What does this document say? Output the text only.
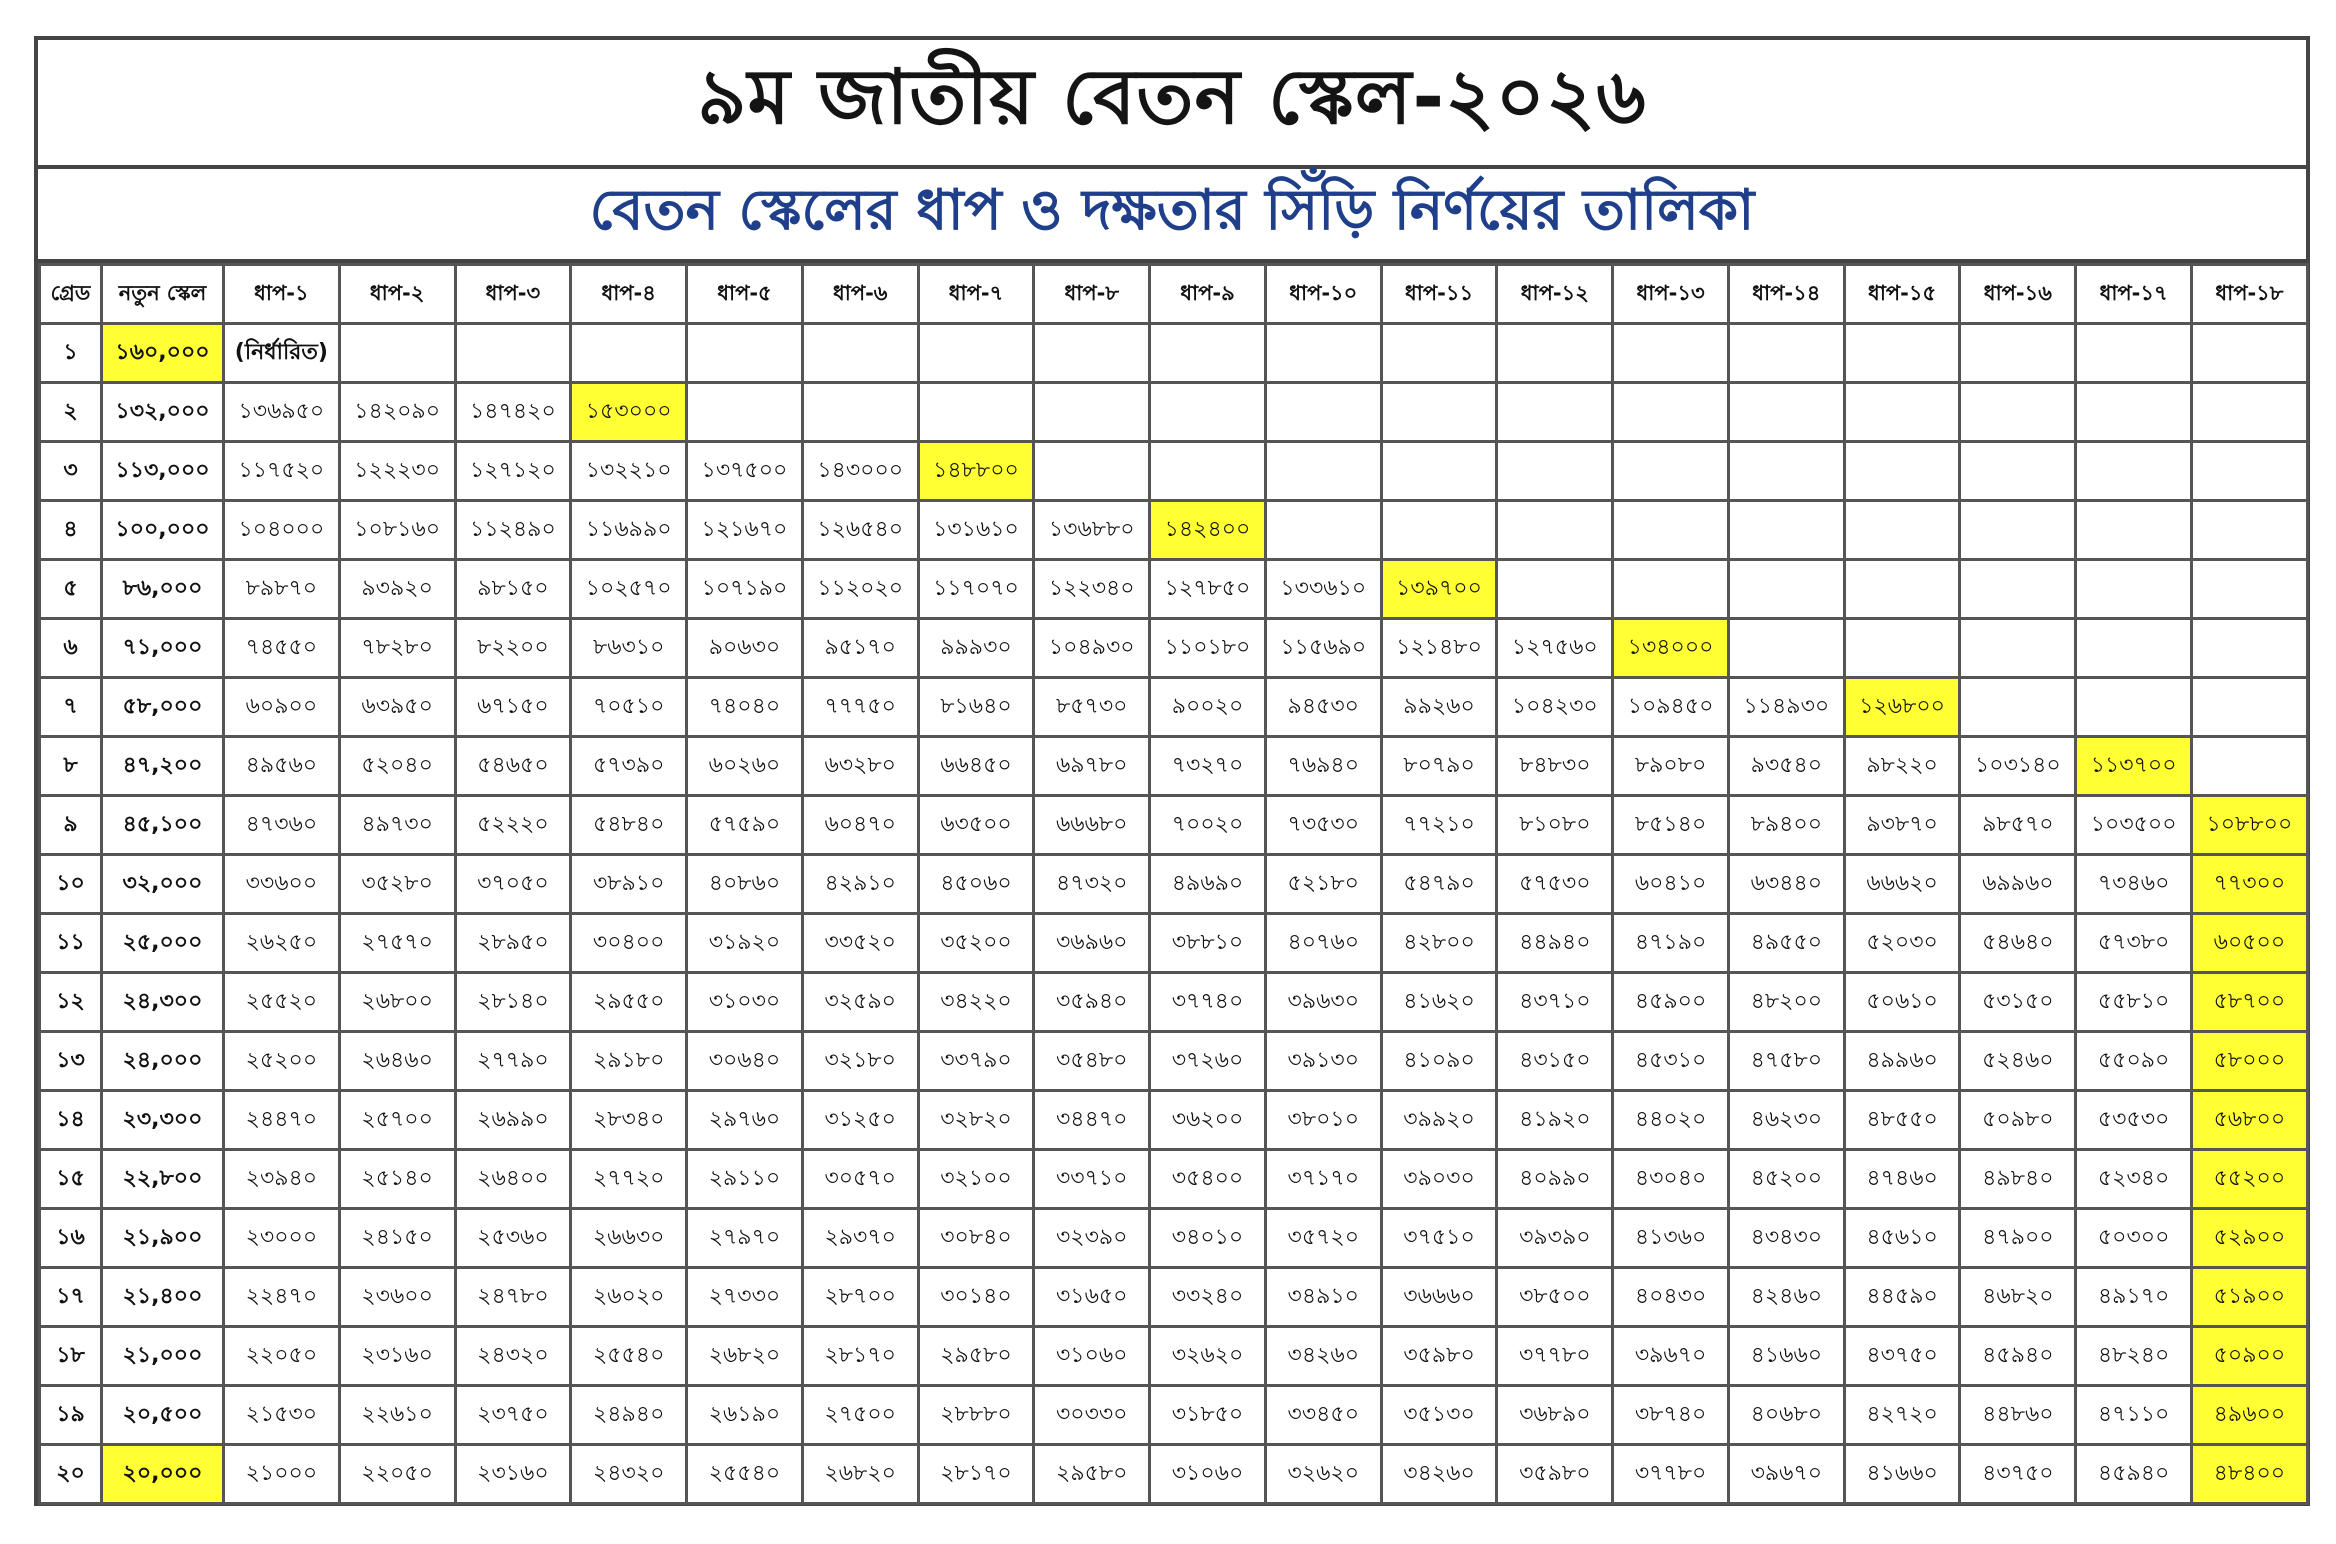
৯ম জাতীয় বেতন স্কেল-২০২৬
বেতন স্কেলের ধাপ ও দক্ষতার সিঁড়ি নির্ণয়ের তালিকা
গ্রেড	নতুন স্কেল	ধাপ-১	ধাপ-২	ধাপ-৩	ধাপ-৪	ধাপ-৫	ধাপ-৬	ধাপ-৭	ধাপ-৮	ধাপ-৯	ধাপ-১০	ধাপ-১১	ধাপ-১২	ধাপ-১৩	ধাপ-১৪	ধাপ-১৫	ধাপ-১৬	ধাপ-১৭	ধাপ-১৮
১	১৬০,০০০	(নির্ধারিত)																	
২	১৩২,০০০	১৩৬৯৫০	১৪২০৯০	১৪৭৪২০	১৫৩০০০														
৩	১১৩,০০০	১১৭৫২০	১২২২৩০	১২৭১২০	১৩২২১০	১৩৭৫০০	১৪৩০০০	১৪৮৮০০											
৪	১০০,০০০	১০৪০০০	১০৮১৬০	১১২৪৯০	১১৬৯৯০	১২১৬৭০	১২৬৫৪০	১৩১৬১০	১৩৬৮৮০	১৪২৪০০									
৫	৮৬,০০০	৮৯৮৭০	৯৩৯২০	৯৮১৫০	১০২৫৭০	১০৭১৯০	১১২০২০	১১৭০৭০	১২২৩৪০	১২৭৮৫০	১৩৩৬১০	১৩৯৭০০							
৬	৭১,০০০	৭৪৫৫০	৭৮২৮০	৮২২০০	৮৬৩১০	৯০৬৩০	৯৫১৭০	৯৯৯৩০	১০৪৯৩০	১১০১৮০	১১৫৬৯০	১২১৪৮০	১২৭৫৬০	১৩৪০০০					
৭	৫৮,০০০	৬০৯০০	৬৩৯৫০	৬৭১৫০	৭০৫১০	৭৪০৪০	৭৭৭৫০	৮১৬৪০	৮৫৭৩০	৯০০২০	৯৪৫৩০	৯৯২৬০	১০৪২৩০	১০৯৪৫০	১১৪৯৩০	১২৬৮০০			
৮	৪৭,২০০	৪৯৫৬০	৫২০৪০	৫৪৬৫০	৫৭৩৯০	৬০২৬০	৬৩২৮০	৬৬৪৫০	৬৯৭৮০	৭৩২৭০	৭৬৯৪০	৮০৭৯০	৮৪৮৩০	৮৯০৮০	৯৩৫৪০	৯৮২২০	১০৩১৪০	১১৩৭০০	
৯	৪৫,১০০	৪৭৩৬০	৪৯৭৩০	৫২২২০	৫৪৮৪০	৫৭৫৯০	৬০৪৭০	৬৩৫০০	৬৬৬৮০	৭০০২০	৭৩৫৩০	৭৭২১০	৮১০৮০	৮৫১৪০	৮৯৪০০	৯৩৮৭০	৯৮৫৭০	১০৩৫০০	১০৮৮০০
১০	৩২,০০০	৩৩৬০০	৩৫২৮০	৩৭০৫০	৩৮৯১০	৪০৮৬০	৪২৯১০	৪৫০৬০	৪৭৩২০	৪৯৬৯০	৫২১৮০	৫৪৭৯০	৫৭৫৩০	৬০৪১০	৬৩৪৪০	৬৬৬২০	৬৯৯৬০	৭৩৪৬০	৭৭৩০০
১১	২৫,০০০	২৬২৫০	২৭৫৭০	২৮৯৫০	৩০৪০০	৩১৯২০	৩৩৫২০	৩৫২০০	৩৬৯৬০	৩৮৮১০	৪০৭৬০	৪২৮০০	৪৪৯৪০	৪৭১৯০	৪৯৫৫০	৫২০৩০	৫৪৬৪০	৫৭৩৮০	৬০৫০০
১২	২৪,৩০০	২৫৫২০	২৬৮০০	২৮১৪০	২৯৫৫০	৩১০৩০	৩২৫৯০	৩৪২২০	৩৫৯৪০	৩৭৭৪০	৩৯৬৩০	৪১৬২০	৪৩৭১০	৪৫৯০০	৪৮২০০	৫০৬১০	৫৩১৫০	৫৫৮১০	৫৮৭০০
১৩	২৪,০০০	২৫২০০	২৬৪৬০	২৭৭৯০	২৯১৮০	৩০৬৪০	৩২১৮০	৩৩৭৯০	৩৫৪৮০	৩৭২৬০	৩৯১৩০	৪১০৯০	৪৩১৫০	৪৫৩১০	৪৭৫৮০	৪৯৯৬০	৫২৪৬০	৫৫০৯০	৫৮০০০
১৪	২৩,৩০০	২৪৪৭০	২৫৭০০	২৬৯৯০	২৮৩৪০	২৯৭৬০	৩১২৫০	৩২৮২০	৩৪৪৭০	৩৬২০০	৩৮০১০	৩৯৯২০	৪১৯২০	৪৪০২০	৪৬২৩০	৪৮৫৫০	৫০৯৮০	৫৩৫৩০	৫৬৮০০
১৫	২২,৮০০	২৩৯৪০	২৫১৪০	২৬৪০০	২৭৭২০	২৯১১০	৩০৫৭০	৩২১০০	৩৩৭১০	৩৫৪০০	৩৭১৭০	৩৯০৩০	৪০৯৯০	৪৩০৪০	৪৫২০০	৪৭৪৬০	৪৯৮৪০	৫২৩৪০	৫৫২০০
১৬	২১,৯০০	২৩০০০	২৪১৫০	২৫৩৬০	২৬৬৩০	২৭৯৭০	২৯৩৭০	৩০৮৪০	৩২৩৯০	৩৪০১০	৩৫৭২০	৩৭৫১০	৩৯৩৯০	৪১৩৬০	৪৩৪৩০	৪৫৬১০	৪৭৯০০	৫০৩০০	৫২৯০০
১৭	২১,৪০০	২২৪৭০	২৩৬০০	২৪৭৮০	২৬০২০	২৭৩৩০	২৮৭০০	৩০১৪০	৩১৬৫০	৩৩২৪০	৩৪৯১০	৩৬৬৬০	৩৮৫০০	৪০৪৩০	৪২৪৬০	৪৪৫৯০	৪৬৮২০	৪৯১৭০	৫১৯০০
১৮	২১,০০০	২২০৫০	২৩১৬০	২৪৩২০	২৫৫৪০	২৬৮২০	২৮১৭০	২৯৫৮০	৩১০৬০	৩২৬২০	৩৪২৬০	৩৫৯৮০	৩৭৭৮০	৩৯৬৭০	৪১৬৬০	৪৩৭৫০	৪৫৯৪০	৪৮২৪০	৫০৯০০
১৯	২০,৫০০	২১৫৩০	২২৬১০	২৩৭৫০	২৪৯৪০	২৬১৯০	২৭৫০০	২৮৮৮০	৩০৩৩০	৩১৮৫০	৩৩৪৫০	৩৫১৩০	৩৬৮৯০	৩৮৭৪০	৪০৬৮০	৪২৭২০	৪৪৮৬০	৪৭১১০	৪৯৬০০
২০	২০,০০০	২১০০০	২২০৫০	২৩১৬০	২৪৩২০	২৫৫৪০	২৬৮২০	২৮১৭০	২৯৫৮০	৩১০৬০	৩২৬২০	৩৪২৬০	৩৫৯৮০	৩৭৭৮০	৩৯৬৭০	৪১৬৬০	৪৩৭৫০	৪৫৯৪০	৪৮৪০০
